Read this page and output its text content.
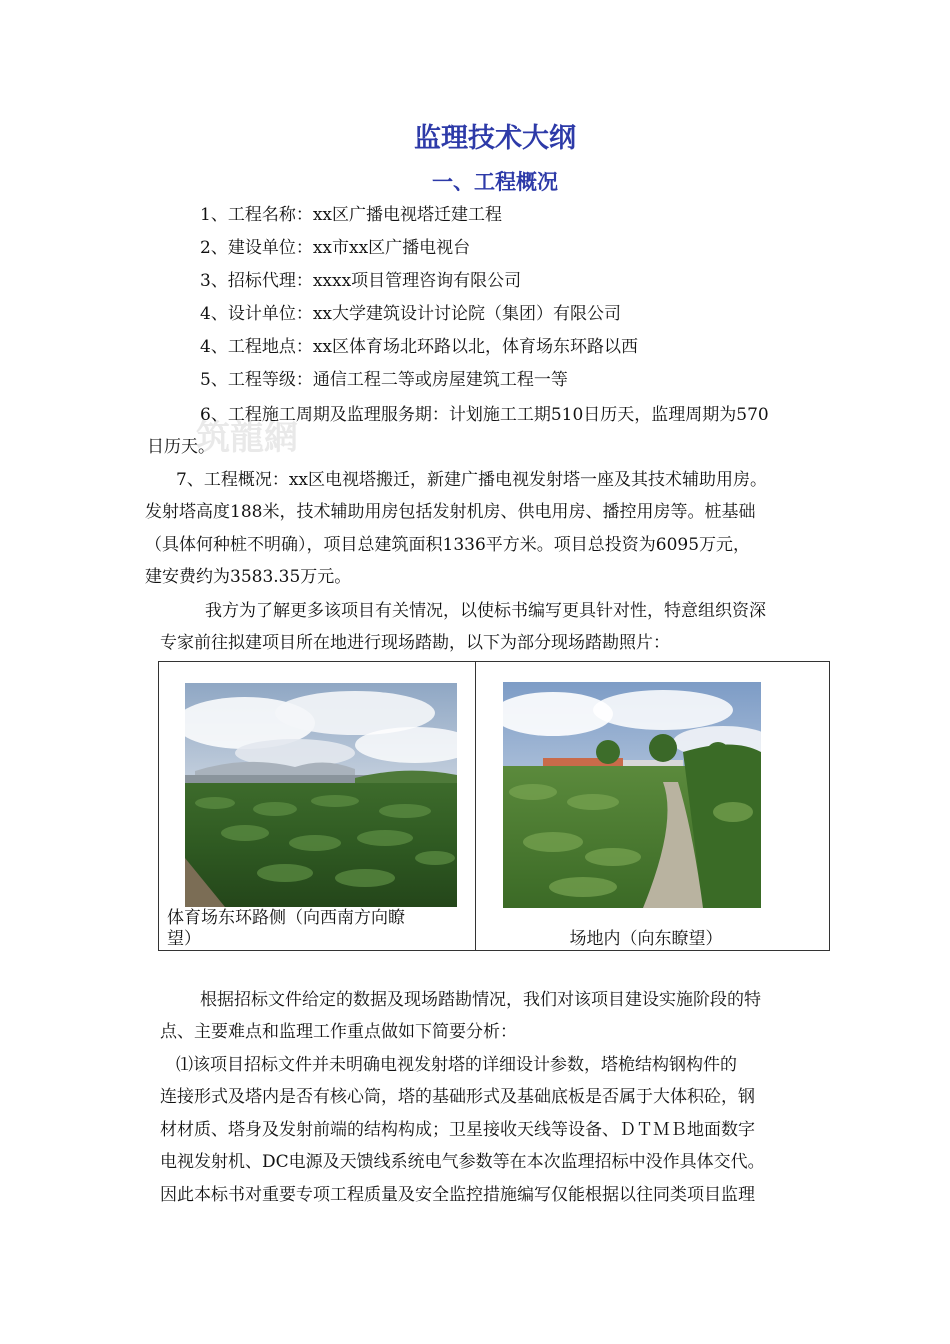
监理技术大纲
一、工程概况
筑龍網
1、工程名称：xx区广播电视塔迁建工程
2、建设单位：xx市xx区广播电视台
3、招标代理：xxxx项目管理咨询有限公司
4、设计单位：xx大学建筑设计讨论院（集团）有限公司
4、工程地点：xx区体育场北环路以北，体育场东环路以西
5、工程等级：通信工程二等或房屋建筑工程一等
6、工程施工周期及监理服务期：计划施工工期510日历天，监理周期为570
日历天。
7、工程概况：xx区电视塔搬迁，新建广播电视发射塔一座及其技术辅助用房。
发射塔高度188米，技术辅助用房包括发射机房、供电用房、播控用房等。桩基础
（具体何种桩不明确），项目总建筑面积1336平方米。项目总投资为6095万元，
建安费约为3583.35万元。
我方为了解更多该项目有关情况，以使标书编写更具针对性，特意组织资深
专家前往拟建项目所在地进行现场踏勘，以下为部分现场踏勘照片：
体育场东环路侧（向西南方向瞭
望）	场地内（向东瞭望）
根据招标文件给定的数据及现场踏勘情况，我们对该项目建设实施阶段的特
点、主要难点和监理工作重点做如下简要分析：
⑴该项目招标文件并未明确电视发射塔的详细设计参数，塔桅结构钢构件的
连接形式及塔内是否有核心筒，塔的基础形式及基础底板是否属于大体积砼，钢
材材质、塔身及发射前端的结构构成；卫星接收天线等设备、ＤＴＭＢ地面数字
电视发射机、DC电源及天馈线系统电气参数等在本次监理招标中没作具体交代。
因此本标书对重要专项工程质量及安全监控措施编写仅能根据以往同类项目监理
